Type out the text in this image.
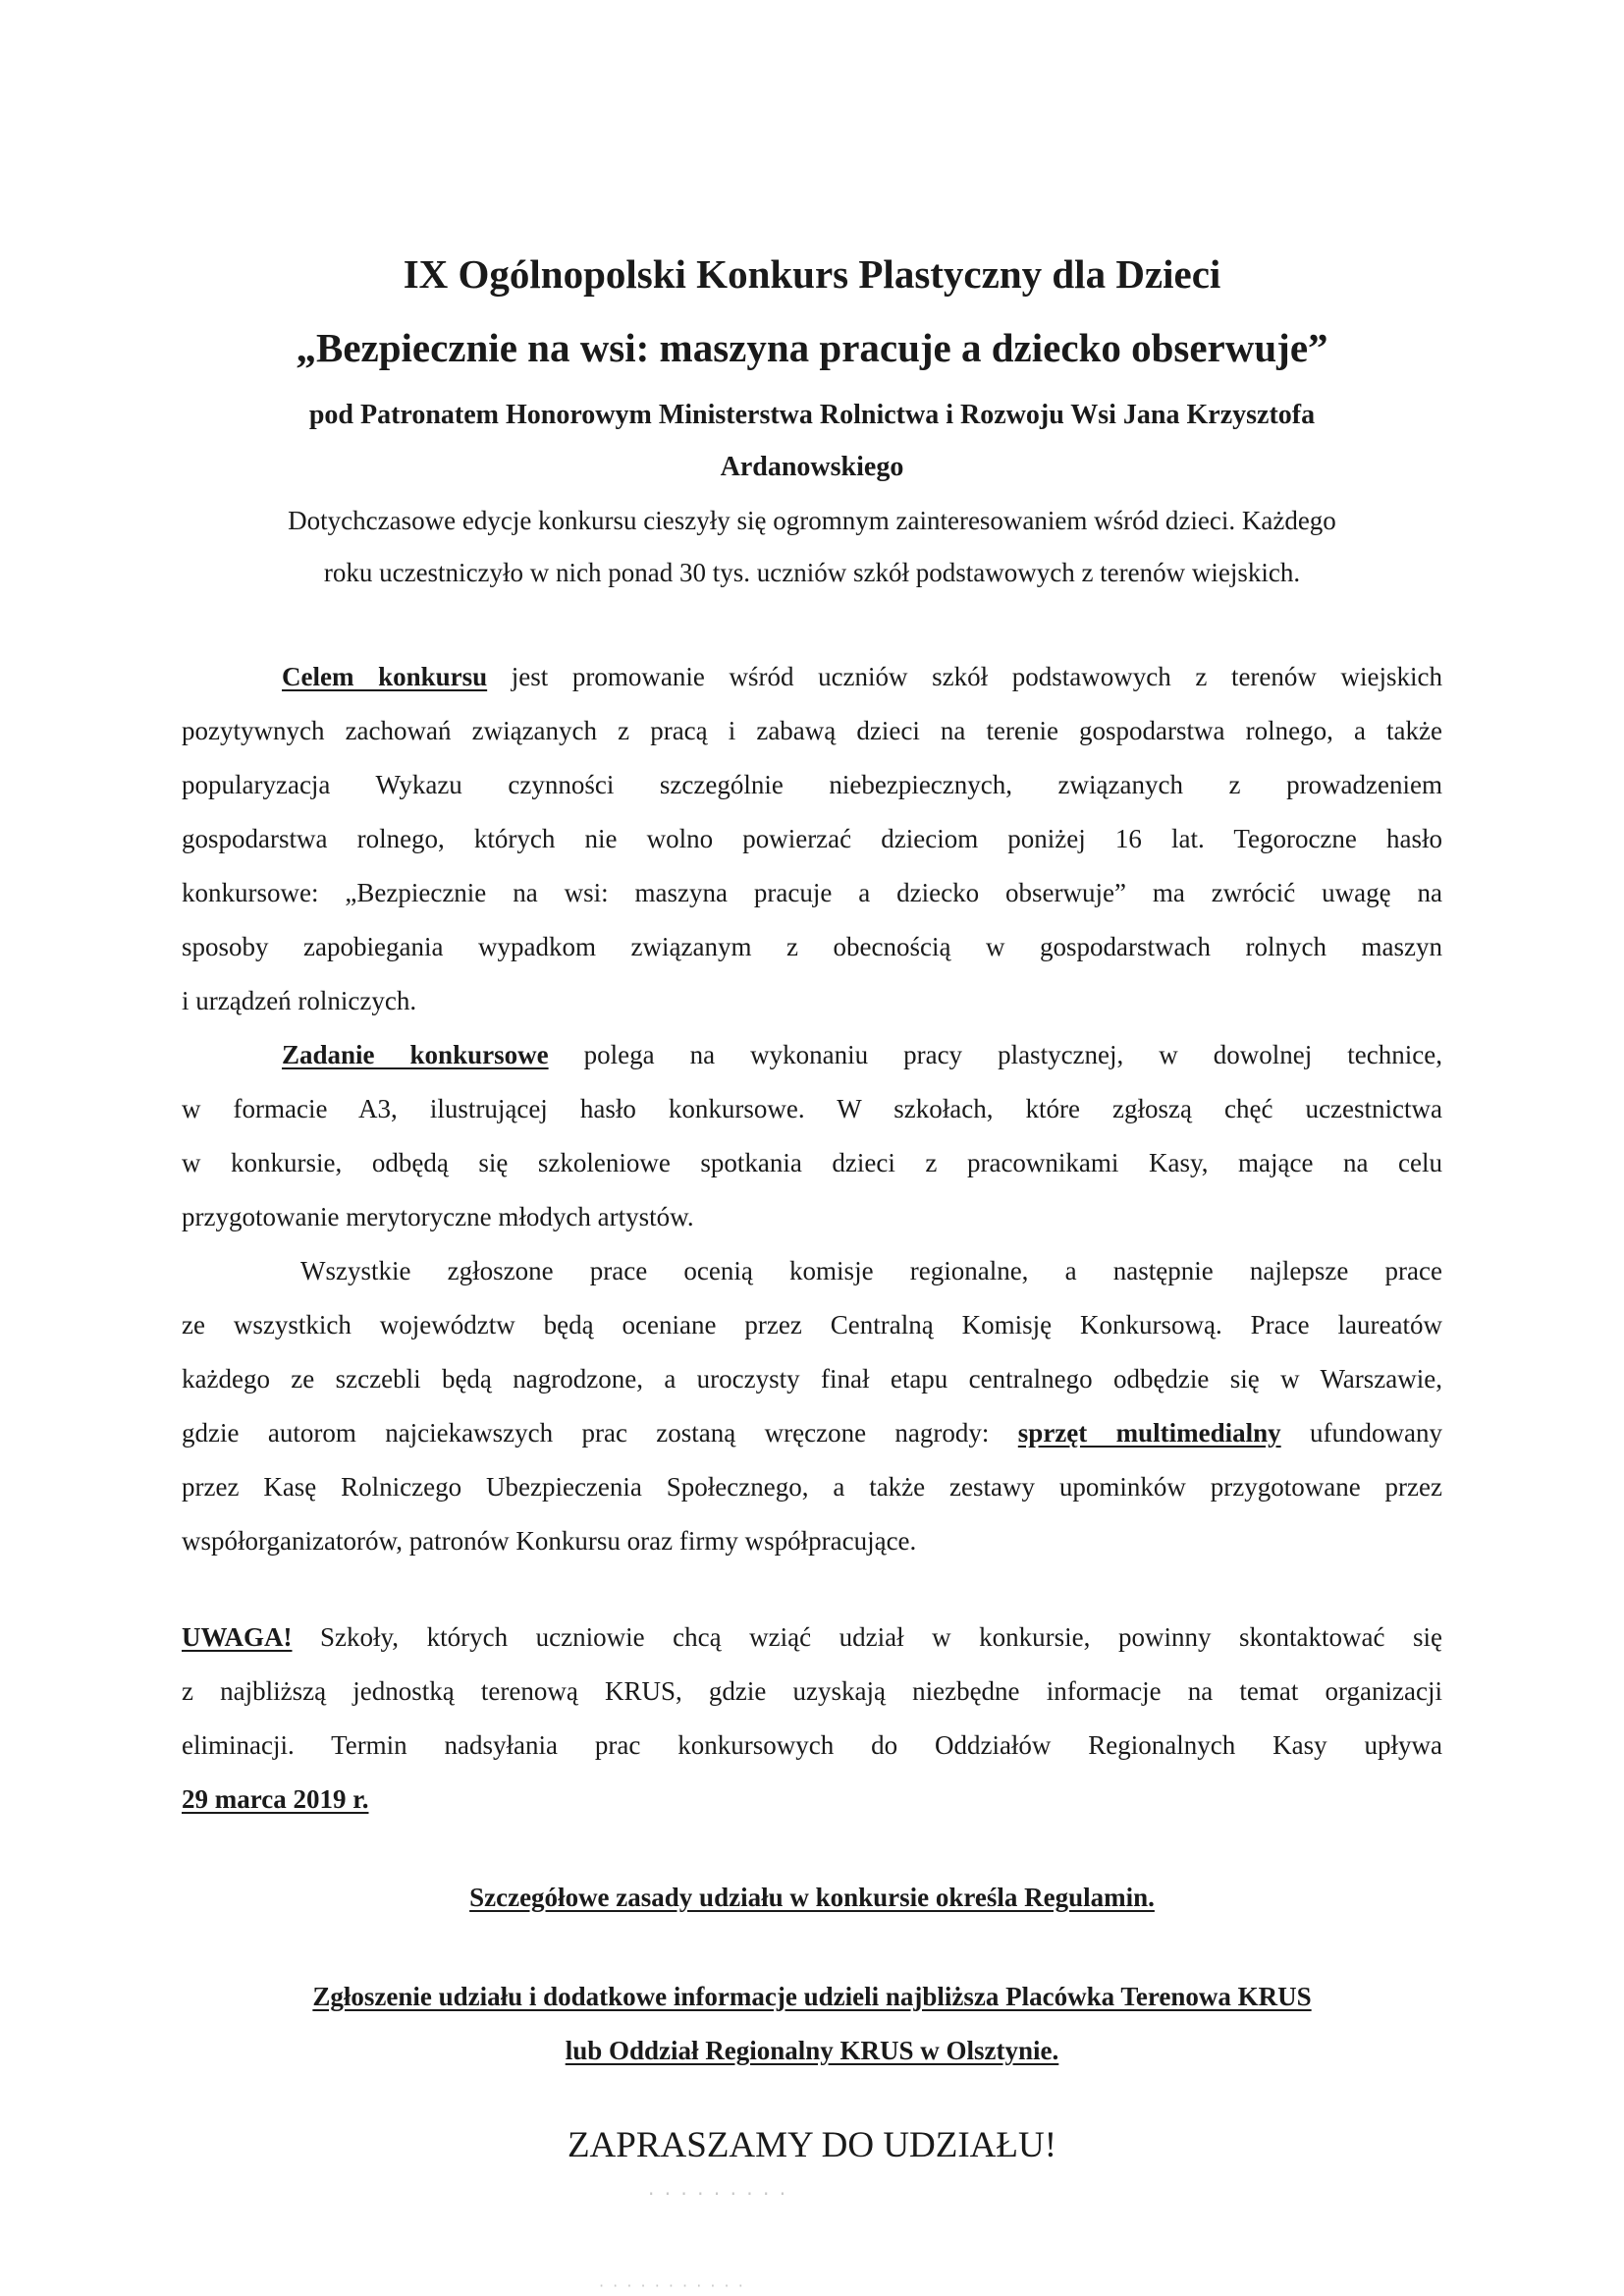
IX Ogólnopolski Konkurs Plastyczny dla Dzieci
„Bezpiecznie na wsi: maszyna pracuje a dziecko obserwuje”
pod Patronatem Honorowym Ministerstwa Rolnictwa i Rozwoju Wsi Jana Krzysztofa
Ardanowskiego
Dotychczasowe edycje konkursu cieszyły się ogromnym zainteresowaniem wśród dzieci. Każdego
roku uczestniczyło w nich ponad 30 tys. uczniów szkół podstawowych z terenów wiejskich.
Celem konkursu jest promowanie wśród uczniów szkół podstawowych z terenów wiejskich
pozytywnych zachowań związanych z pracą i zabawą dzieci na terenie gospodarstwa rolnego, a także
popularyzacja Wykazu czynności szczególnie niebezpiecznych, związanych z prowadzeniem
gospodarstwa rolnego, których nie wolno powierzać dzieciom poniżej 16 lat. Tegoroczne hasło
konkursowe: „Bezpiecznie na wsi: maszyna pracuje a dziecko obserwuje” ma zwrócić uwagę na
sposoby zapobiegania wypadkom związanym z obecnością w gospodarstwach rolnych maszyn
i urządzeń rolniczych.
Zadanie konkursowe polega na wykonaniu pracy plastycznej, w dowolnej technice,
w formacie A3, ilustrującej hasło konkursowe. W szkołach, które zgłoszą chęć uczestnictwa
w konkursie, odbędą się szkoleniowe spotkania dzieci z pracownikami Kasy, mające na celu
przygotowanie merytoryczne młodych artystów.
Wszystkie zgłoszone prace ocenią komisje regionalne, a następnie najlepsze prace
ze wszystkich województw będą oceniane przez Centralną Komisję Konkursową. Prace laureatów
każdego ze szczebli będą nagrodzone, a uroczysty finał etapu centralnego odbędzie się w Warszawie,
gdzie autorom najciekawszych prac zostaną wręczone nagrody: sprzęt multimedialny ufundowany
przez Kasę Rolniczego Ubezpieczenia Społecznego, a także zestawy upominków przygotowane przez
współorganizatorów, patronów Konkursu oraz firmy współpracujące.
UWAGA! Szkoły, których uczniowie chcą wziąć udział w konkursie, powinny skontaktować się
z najbliższą jednostką terenową KRUS, gdzie uzyskają niezbędne informacje na temat organizacji
eliminacji. Termin nadsyłania prac konkursowych do Oddziałów Regionalnych Kasy upływa
29 marca 2019 r.
Szczegółowe zasady udziału w konkursie określa Regulamin.
Zgłoszenie udziału i dodatkowe informacje udzieli najbliższa Placówka Terenowa KRUS
lub Oddział Regionalny KRUS w Olsztynie.
ZAPRASZAMY DO UDZIAŁU!
· · · · · · · · ·
· · · · · · · · · · ·
